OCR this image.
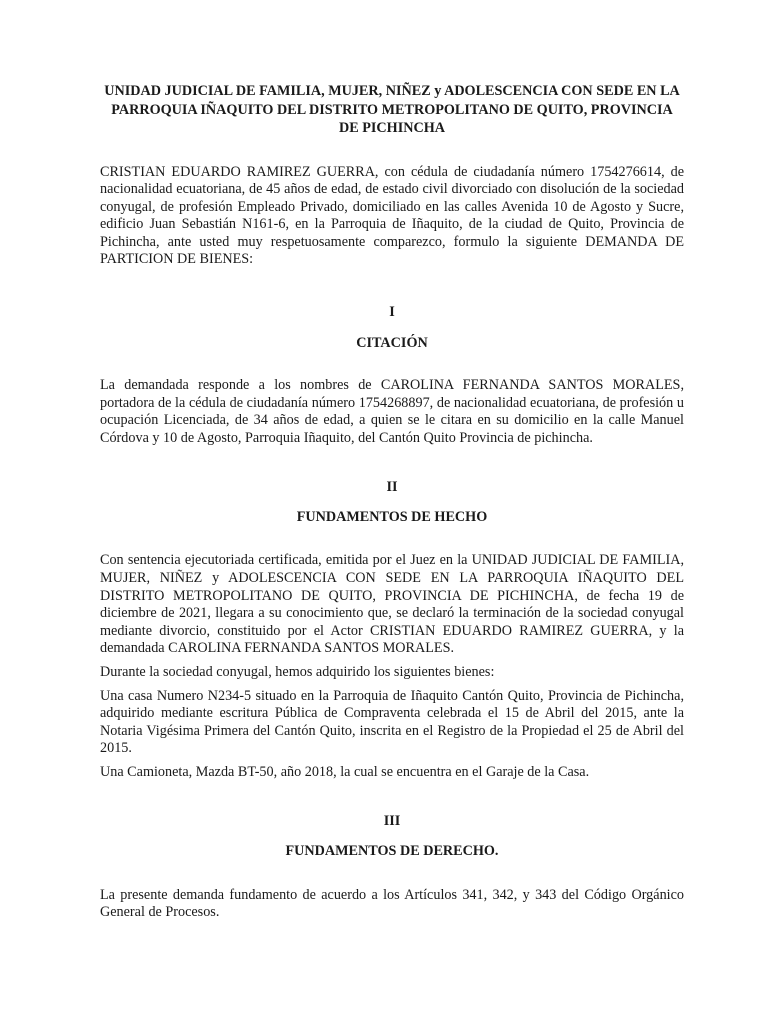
UNIDAD JUDICIAL DE FAMILIA, MUJER, NIÑEZ y ADOLESCENCIA CON SEDE EN LA PARROQUIA IÑAQUITO DEL DISTRITO METROPOLITANO DE QUITO, PROVINCIA DE PICHINCHA

CRISTIAN EDUARDO RAMIREZ GUERRA, con cédula de ciudadanía número 1754276614, de nacionalidad ecuatoriana, de 45 años de edad, de estado civil divorciado con disolución de la sociedad conyugal, de profesión Empleado Privado, domiciliado en las calles Avenida 10 de Agosto y Sucre, edificio Juan Sebastián N161-6, en la Parroquia de Iñaquito, de la ciudad de Quito, Provincia de Pichincha, ante usted muy respetuosamente comparezco, formulo la siguiente DEMANDA DE PARTICION DE BIENES:

I
CITACIÓN

La demandada responde a los nombres de CAROLINA FERNANDA SANTOS MORALES, portadora de la cédula de ciudadanía número 1754268897, de nacionalidad ecuatoriana, de profesión u ocupación Licenciada, de 34 años de edad, a quien se le citara en su domicilio en la calle Manuel Córdova y 10 de Agosto, Parroquia Iñaquito, del Cantón Quito Provincia de pichincha.

II
FUNDAMENTOS DE HECHO

Con sentencia ejecutoriada certificada, emitida por el Juez en la UNIDAD JUDICIAL DE FAMILIA, MUJER, NIÑEZ y ADOLESCENCIA CON SEDE EN LA PARROQUIA IÑAQUITO DEL DISTRITO METROPOLITANO DE QUITO, PROVINCIA DE PICHINCHA, de fecha 19 de diciembre de 2021, llegara a su conocimiento que, se declaró la terminación de la sociedad conyugal mediante divorcio, constituido por el Actor CRISTIAN EDUARDO RAMIREZ GUERRA, y la demandada CAROLINA FERNANDA SANTOS MORALES.

Durante la sociedad conyugal, hemos adquirido los siguientes bienes:

Una casa Numero N234-5 situado en la Parroquia de Iñaquito Cantón Quito, Provincia de Pichincha, adquirido mediante escritura Pública de Compraventa celebrada el 15 de Abril del 2015, ante la Notaria Vigésima Primera del Cantón Quito, inscrita en el Registro de la Propiedad el 25 de Abril del 2015.

Una Camioneta, Mazda BT-50, año 2018, la cual se encuentra en el Garaje de la Casa.

III
FUNDAMENTOS DE DERECHO.

La presente demanda fundamento de acuerdo a los Artículos 341, 342, y 343 del Código Orgánico General de Procesos.
